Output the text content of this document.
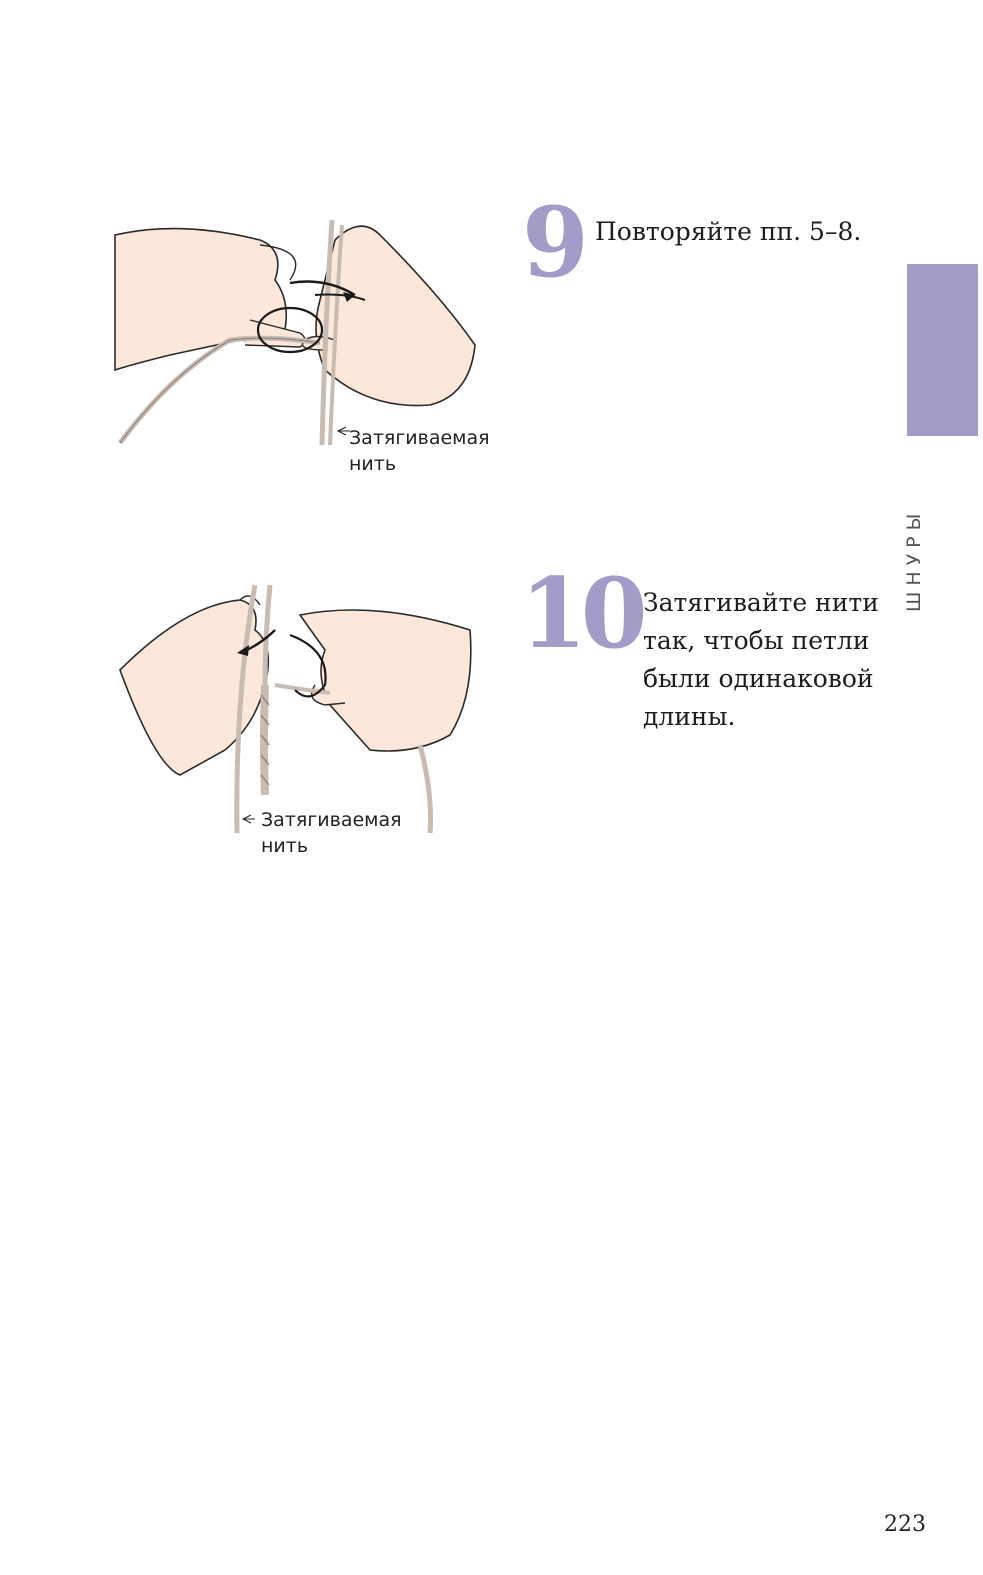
Затягиваемая
нить
9 Повторяйте пп. 5–8.
ШНУРЫ
Затягиваемая
нить
10 Затягивайте нити
так, чтобы петли
были одинаковой
длины.
223
